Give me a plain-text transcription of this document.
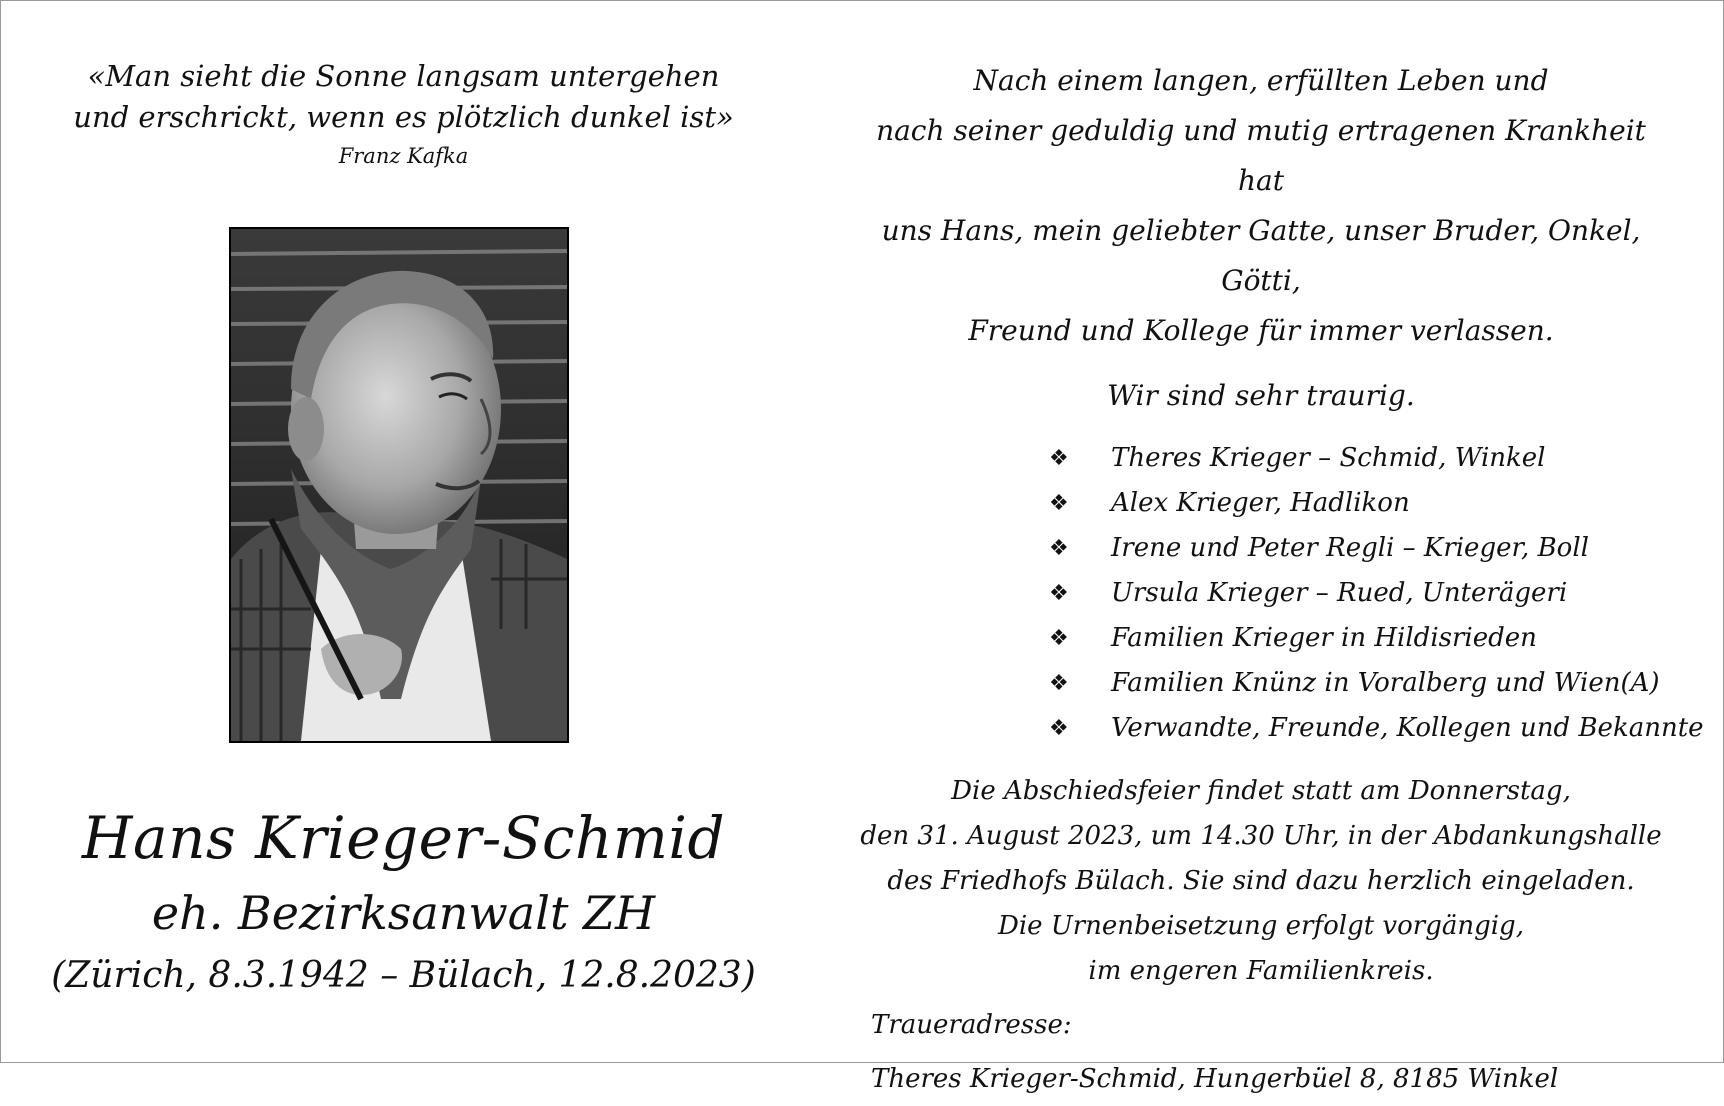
«Man sieht die Sonne langsam untergehen
und erschrickt, wenn es plötzlich dunkel ist»
Franz Kafka
Hans Krieger-Schmid
eh. Bezirksanwalt ZH
(Zürich, 8.3.1942 – Bülach, 12.8.2023)
Nach einem langen, erfüllten Leben und
nach seiner geduldig und mutig ertragenen Krankheit hat
uns Hans, mein geliebter Gatte, unser Bruder, Onkel, Götti,
Freund und Kollege für immer verlassen.
Wir sind sehr traurig.
❖ Theres Krieger – Schmid, Winkel
❖ Alex Krieger, Hadlikon
❖ Irene und Peter Regli – Krieger, Boll
❖ Ursula Krieger – Rued, Unterägeri
❖ Familien Krieger in Hildisrieden
❖ Familien Knünz in Voralberg und Wien(A)
❖ Verwandte, Freunde, Kollegen und Bekannte
Die Abschiedsfeier findet statt am Donnerstag,
den 31. August 2023, um 14.30 Uhr, in der Abdankungshalle
des Friedhofs Bülach. Sie sind dazu herzlich eingeladen.
Die Urnenbeisetzung erfolgt vorgängig,
im engeren Familienkreis.
Traueradresse:
Theres Krieger-Schmid, Hungerbüel 8, 8185 Winkel
